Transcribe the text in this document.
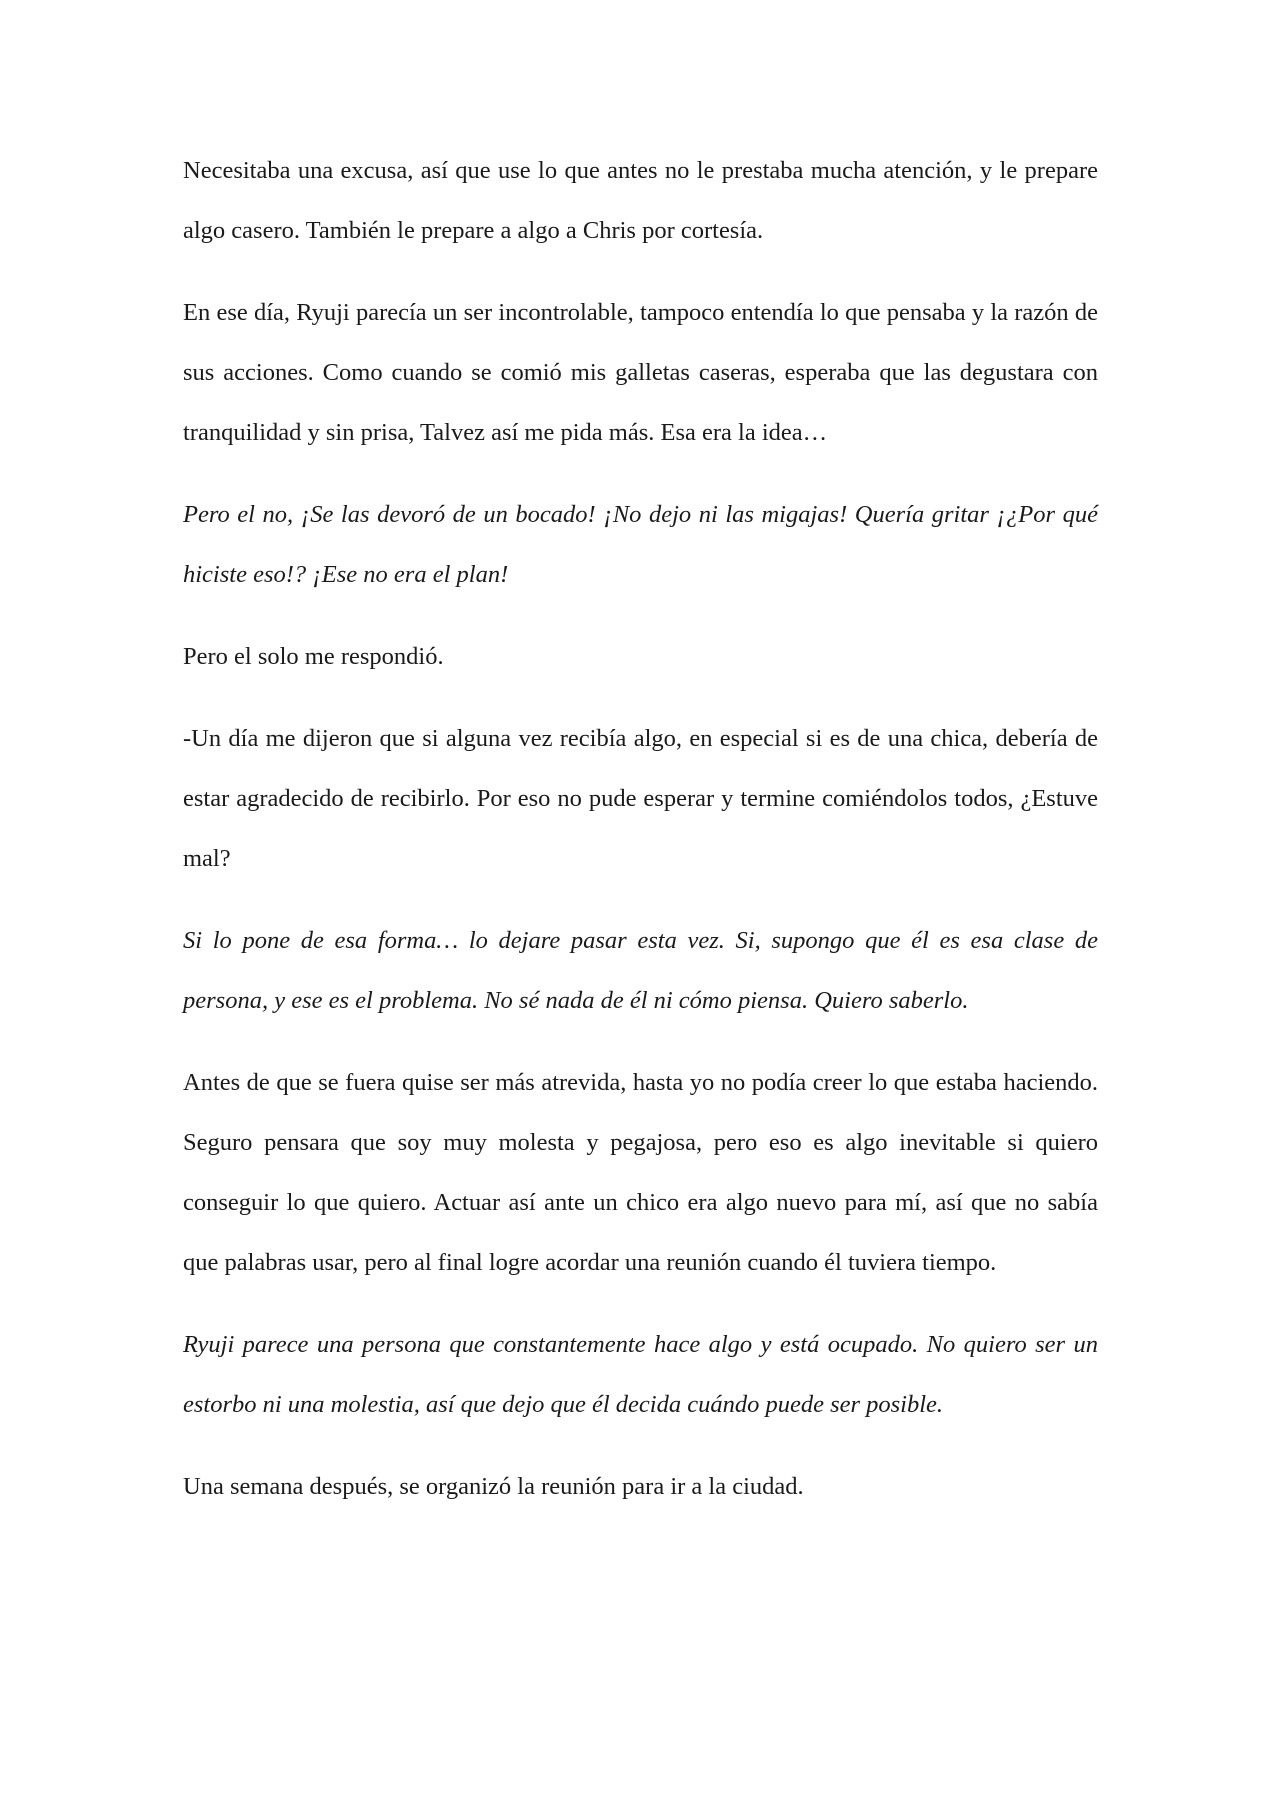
Necesitaba una excusa, así que use lo que antes no le prestaba mucha atención, y le prepare algo casero. También le prepare a algo a Chris por cortesía.

En ese día, Ryuji parecía un ser incontrolable, tampoco entendía lo que pensaba y la razón de sus acciones. Como cuando se comió mis galletas caseras, esperaba que las degustara con tranquilidad y sin prisa, Talvez así me pida más. Esa era la idea…

Pero el no, ¡Se las devoró de un bocado! ¡No dejo ni las migajas! Quería gritar ¡¿Por qué hiciste eso!? ¡Ese no era el plan!

Pero el solo me respondió.

-Un día me dijeron que si alguna vez recibía algo, en especial si es de una chica, debería de estar agradecido de recibirlo. Por eso no pude esperar y termine comiéndolos todos, ¿Estuve mal?

Si lo pone de esa forma… lo dejare pasar esta vez. Si, supongo que él es esa clase de persona, y ese es el problema. No sé nada de él ni cómo piensa. Quiero saberlo.

Antes de que se fuera quise ser más atrevida, hasta yo no podía creer lo que estaba haciendo. Seguro pensara que soy muy molesta y pegajosa, pero eso es algo inevitable si quiero conseguir lo que quiero. Actuar así ante un chico era algo nuevo para mí, así que no sabía que palabras usar, pero al final logre acordar una reunión cuando él tuviera tiempo.

Ryuji parece una persona que constantemente hace algo y está ocupado. No quiero ser un estorbo ni una molestia, así que dejo que él decida cuándo puede ser posible.

Una semana después, se organizó la reunión para ir a la ciudad.
